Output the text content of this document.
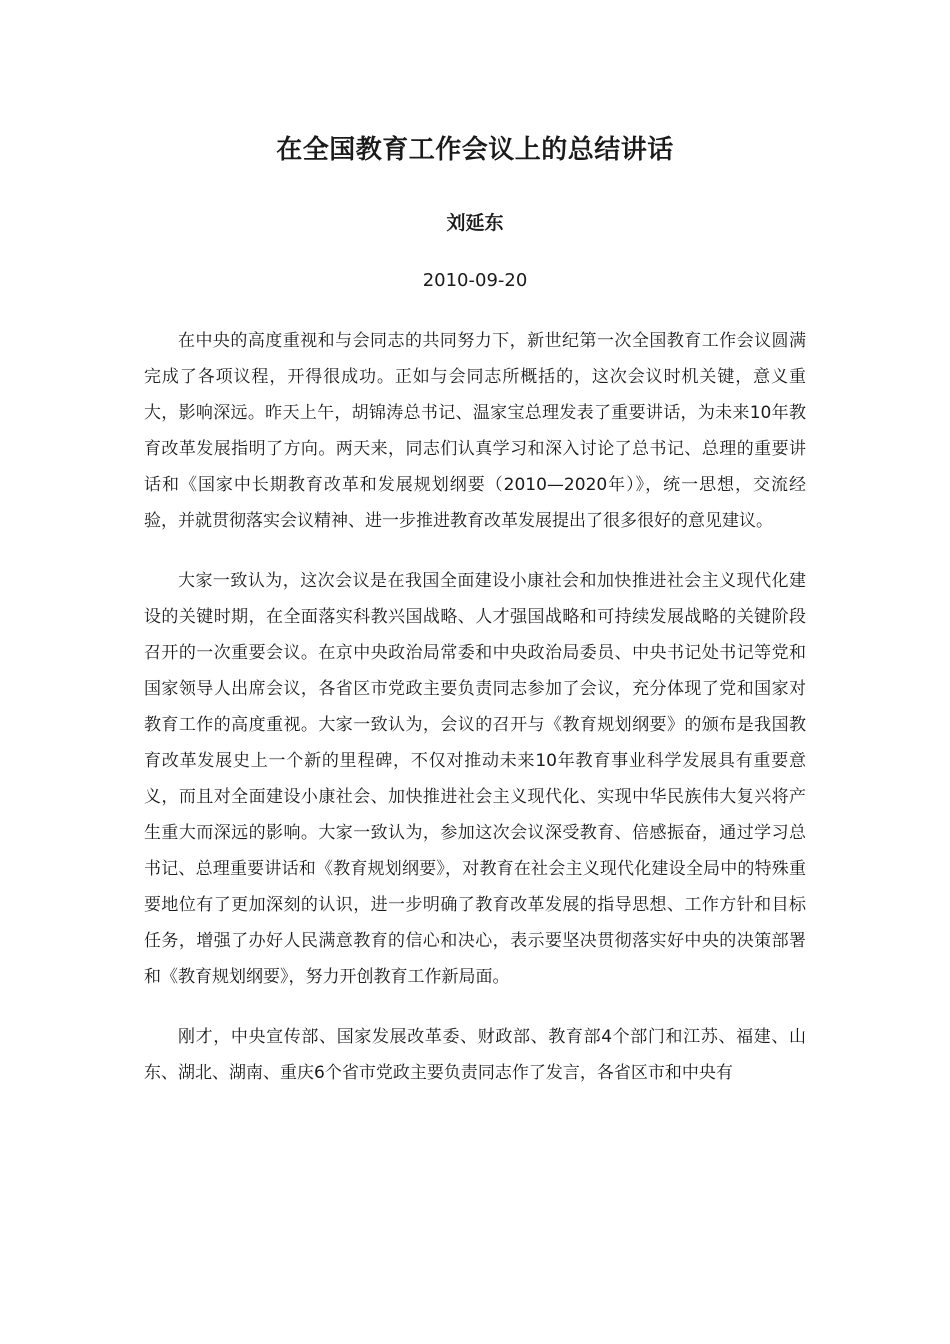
在全国教育工作会议上的总结讲话
刘延东
2010-09-20

在中央的高度重视和与会同志的共同努力下，新世纪第一次全国教育工作会议圆满完成了各项议程，开得很成功。正如与会同志所概括的，这次会议时机关键，意义重大，影响深远。昨天上午，胡锦涛总书记、温家宝总理发表了重要讲话，为未来10年教育改革发展指明了方向。两天来，同志们认真学习和深入讨论了总书记、总理的重要讲话和《国家中长期教育改革和发展规划纲要（2010—2020年）》，统一思想，交流经验，并就贯彻落实会议精神、进一步推进教育改革发展提出了很多很好的意见建议。

大家一致认为，这次会议是在我国全面建设小康社会和加快推进社会主义现代化建设的关键时期，在全面落实科教兴国战略、人才强国战略和可持续发展战略的关键阶段召开的一次重要会议。在京中央政治局常委和中央政治局委员、中央书记处书记等党和国家领导人出席会议，各省区市党政主要负责同志参加了会议，充分体现了党和国家对教育工作的高度重视。大家一致认为，会议的召开与《教育规划纲要》的颁布是我国教育改革发展史上一个新的里程碑，不仅对推动未来10年教育事业科学发展具有重要意义，而且对全面建设小康社会、加快推进社会主义现代化、实现中华民族伟大复兴将产生重大而深远的影响。大家一致认为，参加这次会议深受教育、倍感振奋，通过学习总书记、总理重要讲话和《教育规划纲要》，对教育在社会主义现代化建设全局中的特殊重要地位有了更加深刻的认识，进一步明确了教育改革发展的指导思想、工作方针和目标任务，增强了办好人民满意教育的信心和决心，表示要坚决贯彻落实好中央的决策部署和《教育规划纲要》，努力开创教育工作新局面。

刚才，中央宣传部、国家发展改革委、财政部、教育部4个部门和江苏、福建、山东、湖北、湖南、重庆6个省市党政主要负责同志作了发言，各省区市和中央有
